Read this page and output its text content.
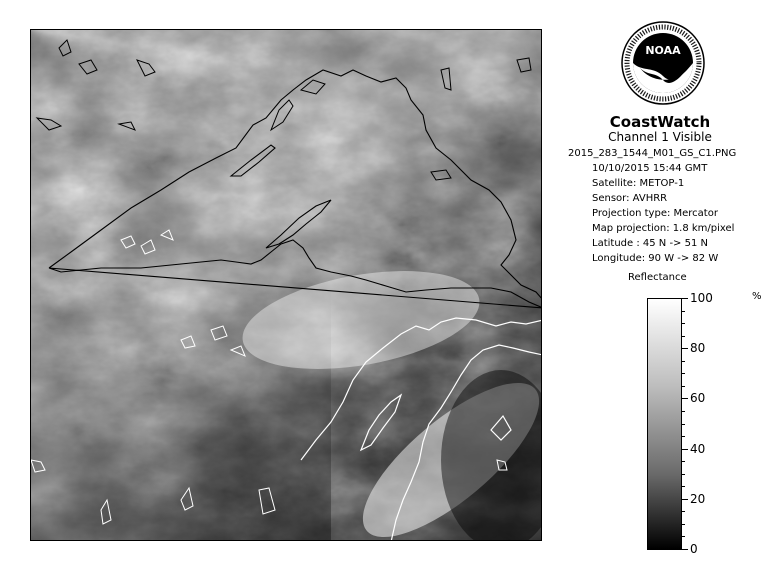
NOAA
CoastWatch
Channel 1 Visible
2015_283_1544_M01_GS_C1.PNG
10/10/2015 15:44 GMT
Satellite: METOP-1
Sensor: AVHRR
Projection type: Mercator
Map projection: 1.8 km/pixel
Latitude : 45 N -> 51 N
Longitude: 90 W -> 82 W
Reflectance
%
100
80
60
40
20
0
